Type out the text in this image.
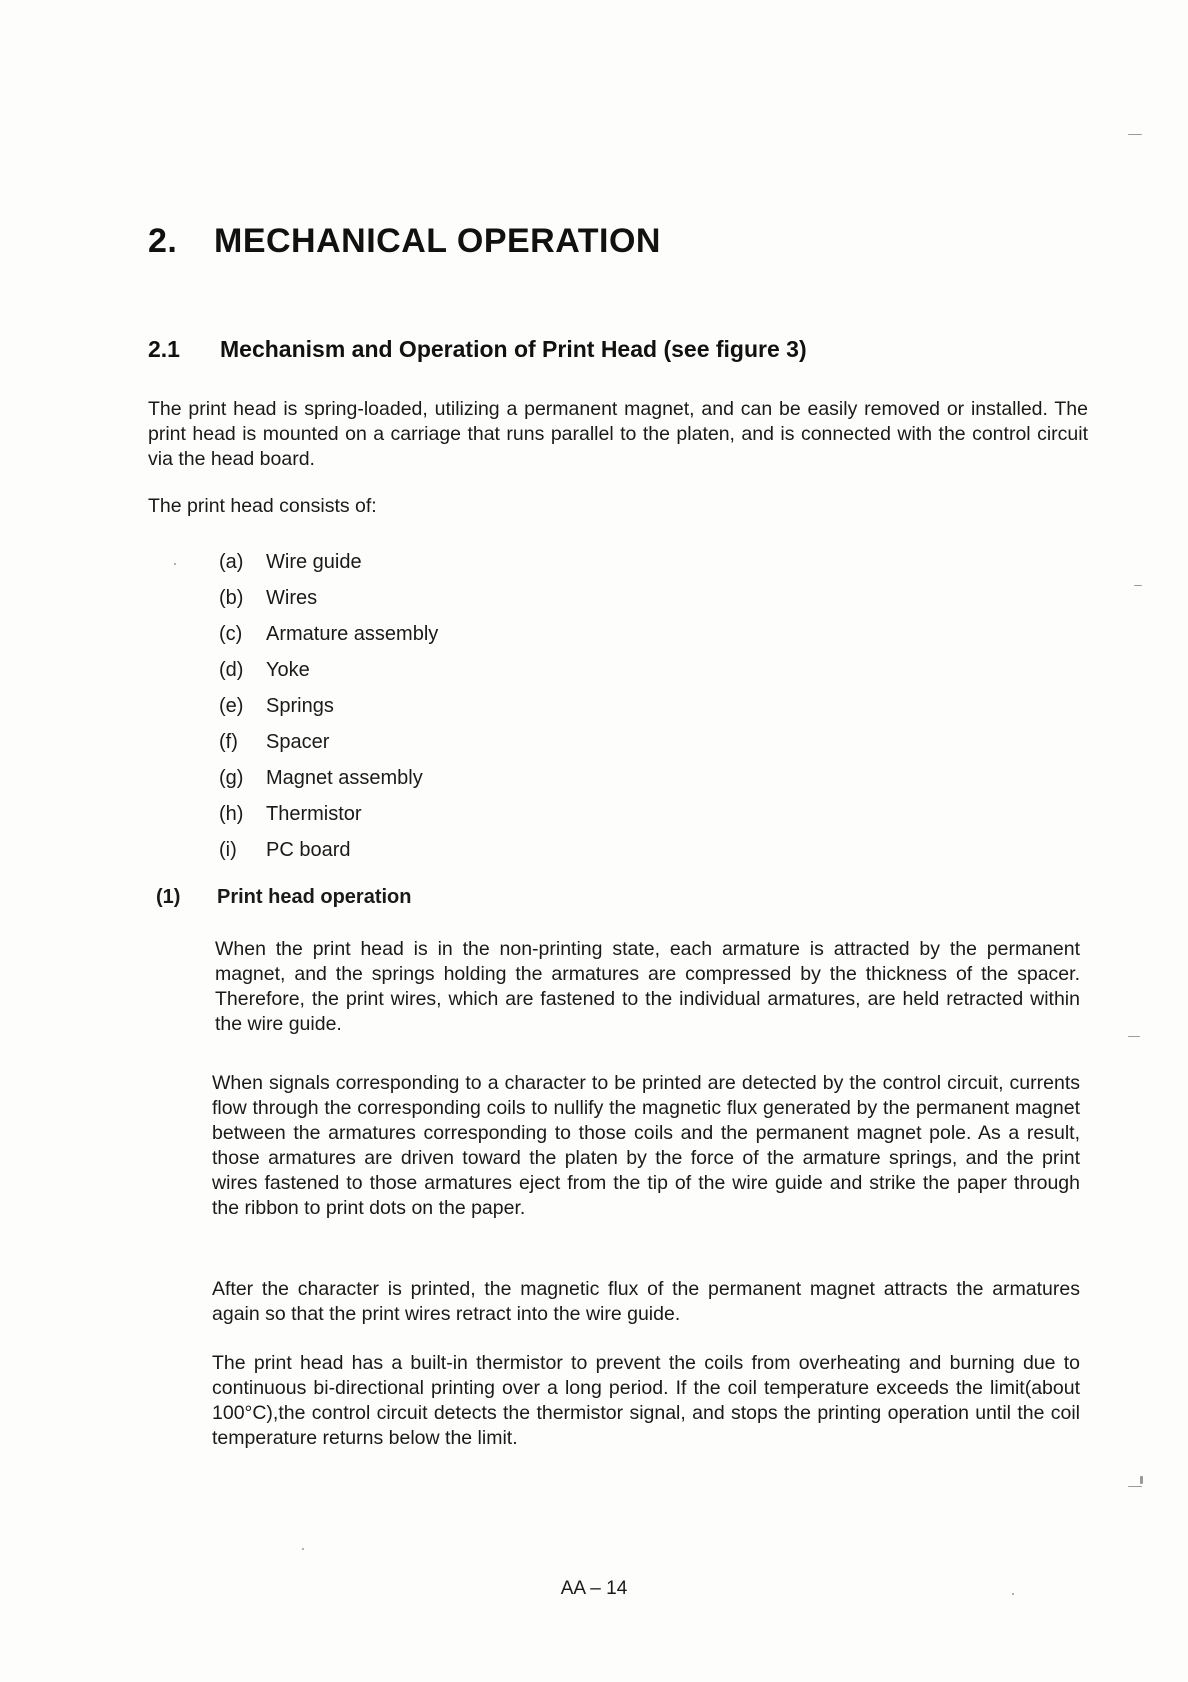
2. MECHANICAL OPERATION
2.1 Mechanism and Operation of Print Head (see figure 3)

The print head is spring-loaded, utilizing a permanent magnet, and can be easily removed or installed. The print head is mounted on a carriage that runs parallel to the platen, and is connected with the control circuit via the head board.

The print head consists of:

(a) Wire guide
(b) Wires
(c) Armature assembly
(d) Yoke
(e) Springs
(f) Spacer
(g) Magnet assembly
(h) Thermistor
(i) PC board
(1) Print head operation

When the print head is in the non-printing state, each armature is attracted by the permanent magnet, and the springs holding the armatures are compressed by the thickness of the spacer. Therefore, the print wires, which are fastened to the individual armatures, are held retracted within the wire guide.

When signals corresponding to a character to be printed are detected by the control circuit, currents flow through the corresponding coils to nullify the magnetic flux generated by the permanent magnet between the armatures corresponding to those coils and the permanent magnet pole. As a result, those armatures are driven toward the platen by the force of the armature springs, and the print wires fastened to those armatures eject from the tip of the wire guide and strike the paper through the ribbon to print dots on the paper.

After the character is printed, the magnetic flux of the permanent magnet attracts the armatures again so that the print wires retract into the wire guide.

The print head has a built-in thermistor to prevent the coils from overheating and burning due to continuous bi-directional printing over a long period. If the coil temperature exceeds the limit(about 100°C),the control circuit detects the thermistor signal, and stops the printing operation until the coil temperature returns below the limit.

AA – 14
